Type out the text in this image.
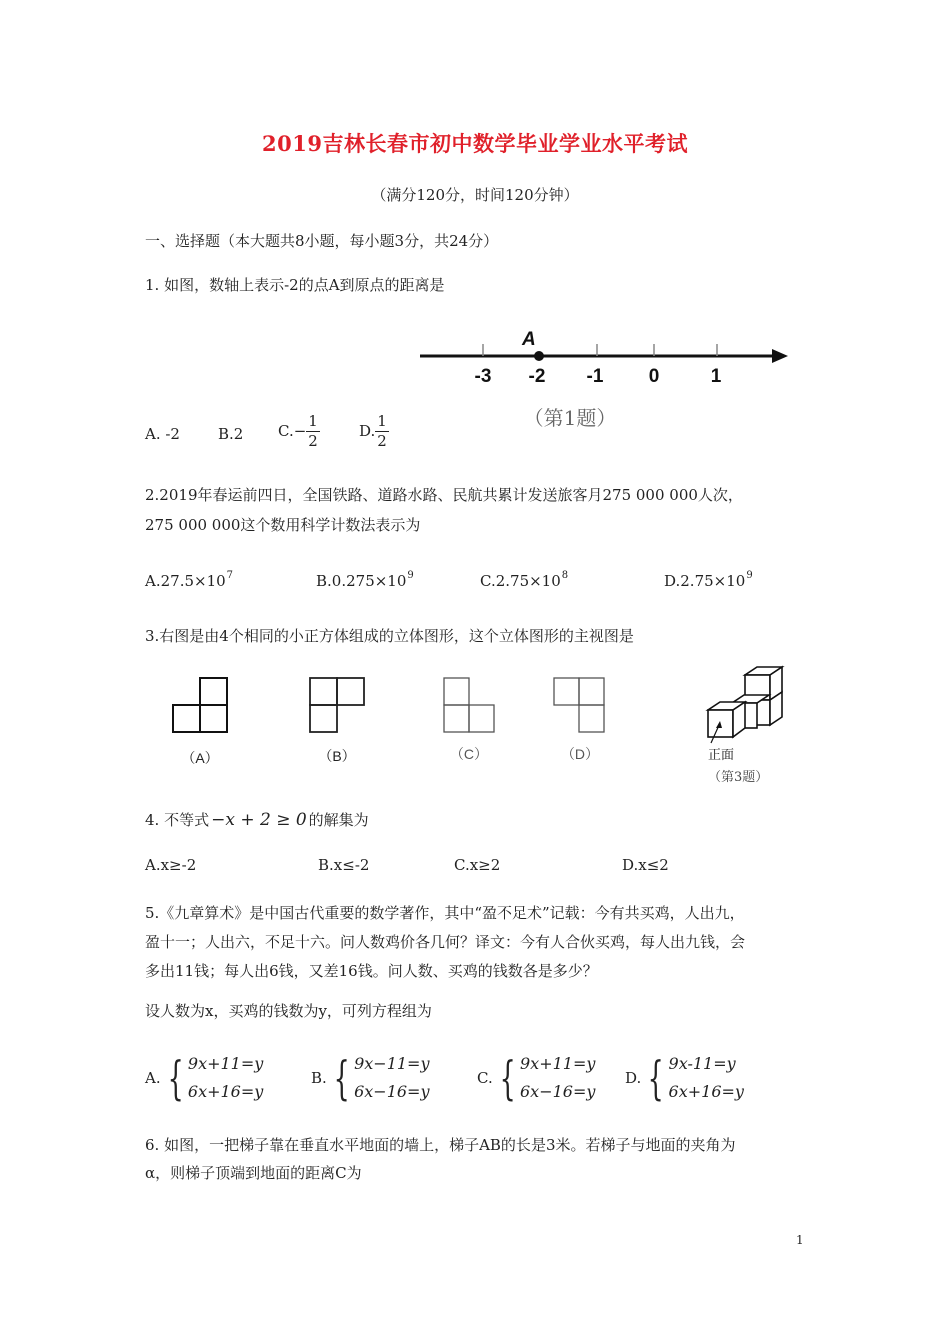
2019吉林长春市初中数学毕业学业水平考试
（满分120分，时间120分钟）
一、选择题（本大题共8小题，每小题3分，共24分）
1. 如图，数轴上表示-2的点A到原点的距离是
A
-3 -2 -1 0	1
（第1题）
A. -2	B.2 $C.- \frac{1}{2}$	D. $\frac{1}{2}$
2.2019年春运前四日，全国铁路、道路水路、民航共累计发送旅客月275 000 000人次，
275 000 000这个数用科学计数法表示为
$A.27.5\times 10^7$	$B.0.275\times 10^9$	$C.2.75\times 10^8$	$D.2.75\times 10^9$
3.右图是由4个相同的小正方体组成的立体图形，这个立体图形的主视图是
（A）	（B）	（C）	（D）	正面
（第3题）
4. 不等式 −x + 2 ≥ 0 的解集为
A.x≥-2	B.x≤-2	C.x≥2	D.x≤2
5.《九章算术》是中国古代重要的数学著作，其中“盈不足术”记载：今有共买鸡，人出九，
盈十一；人出六，不足十六。问人数鸡价各几何？译文：今有人合伙买鸡，每人出九钱，会
多出11钱；每人出6钱，又差16钱。问人数、买鸡的钱数各是多少？
设人数为x，买鸡的钱数为y，可列方程组为
A. { 9x+11=y
6x+16=y
B. { 9x−11=y
6x−16=y
C. { 9x+11=y
6x−16=y
D. { 9x-11=y
6x+16=y
6. 如图，一把梯子靠在垂直水平地面的墙上，梯子AB的长是3米。若梯子与地面的夹角为
α，则梯子顶端到地面的距离C为
1
